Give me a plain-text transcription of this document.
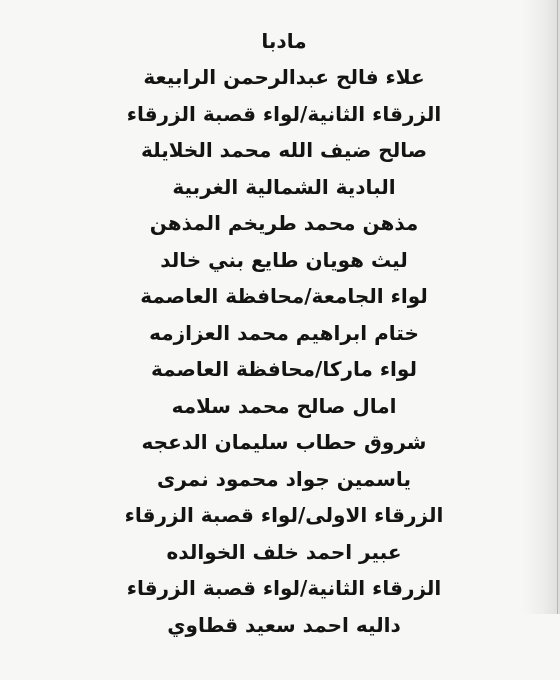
مادبا
علاء فالح عبدالرحمن الرابيعة
الزرقاء الثانية/لواء قصبة الزرقاء
صالح ضيف الله محمد الخلايلة
البادية الشمالية الغربية
مذهن محمد طريخم المذهن
ليث هويان طايع بني خالد
لواء الجامعة/محافظة العاصمة
ختام ابراهيم محمد العزازمه
لواء ماركا/محافظة العاصمة
امال صالح محمد سلامه
شروق حطاب سليمان الدعجه
ياسمين جواد محمود نمرى
الزرقاء الاولى/لواء قصبة الزرقاء
عبير احمد خلف الخوالده
الزرقاء الثانية/لواء قصبة الزرقاء
داليه احمد سعيد قطاوي
